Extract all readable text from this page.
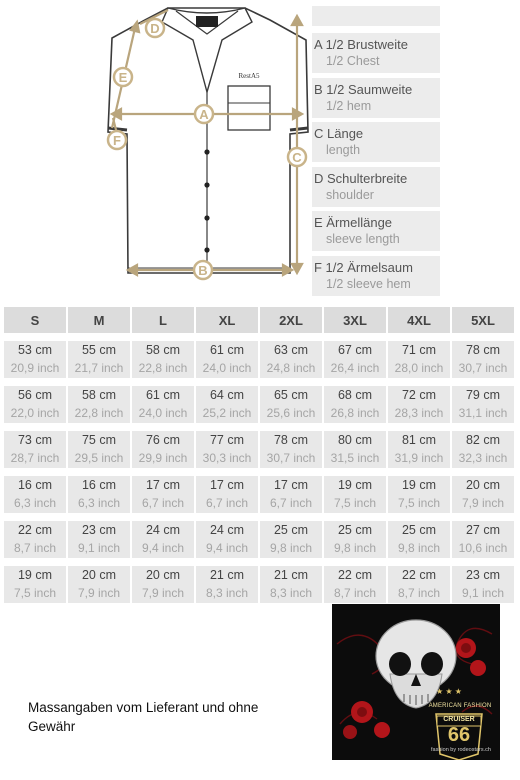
RestA5
A
B
C
D
E
F
A 1/2 Brustweite
1/2 Chest
B 1/2 Saumweite
1/2 hem
C Länge
length
D Schulterbreite
shoulder
E Ärmellänge
sleeve length
F 1/2 Ärmelsaum
1/2 sleeve hem
S	M	L	XL	2XL	3XL	4XL	5XL

53 cm	55 cm	58 cm	61 cm	63 cm	67 cm	71 cm	78 cm
20,9 inch	21,7 inch	22,8 inch	24,0 inch	24,8 inch	26,4 inch	28,0 inch	30,7 inch

56 cm	58 cm	61 cm	64 cm	65 cm	68 cm	72 cm	79 cm
22,0 inch	22,8 inch	24,0 inch	25,2 inch	25,6 inch	26,8 inch	28,3 inch	31,1 inch

73 cm	75 cm	76 cm	77 cm	78 cm	80 cm	81 cm	82 cm
28,7 inch	29,5 inch	29,9 inch	30,3 inch	30,7 inch	31,5 inch	31,9 inch	32,3 inch

16 cm	16 cm	17 cm	17 cm	17 cm	19 cm	19 cm	20 cm
6,3 inch	6,3 inch	6,7 inch	6,7 inch	6,7 inch	7,5 inch	7,5 inch	7,9 inch

22 cm	23 cm	24 cm	24 cm	25 cm	25 cm	25 cm	27 cm
8,7 inch	9,1 inch	9,4 inch	9,4 inch	9,8 inch	9,8 inch	9,8 inch	10,6 inch

19 cm	20 cm	20 cm	21 cm	21 cm	22 cm	22 cm	23 cm
7,5 inch	7,9 inch	7,9 inch	8,3 inch	8,3 inch	8,7 inch	8,7 inch	9,1 inch
Massangaben vom Lieferant und ohne Gewähr
★ ★ ★
AMERICAN FASHION
CRUISER
66
fashion by rodeostars.ch
